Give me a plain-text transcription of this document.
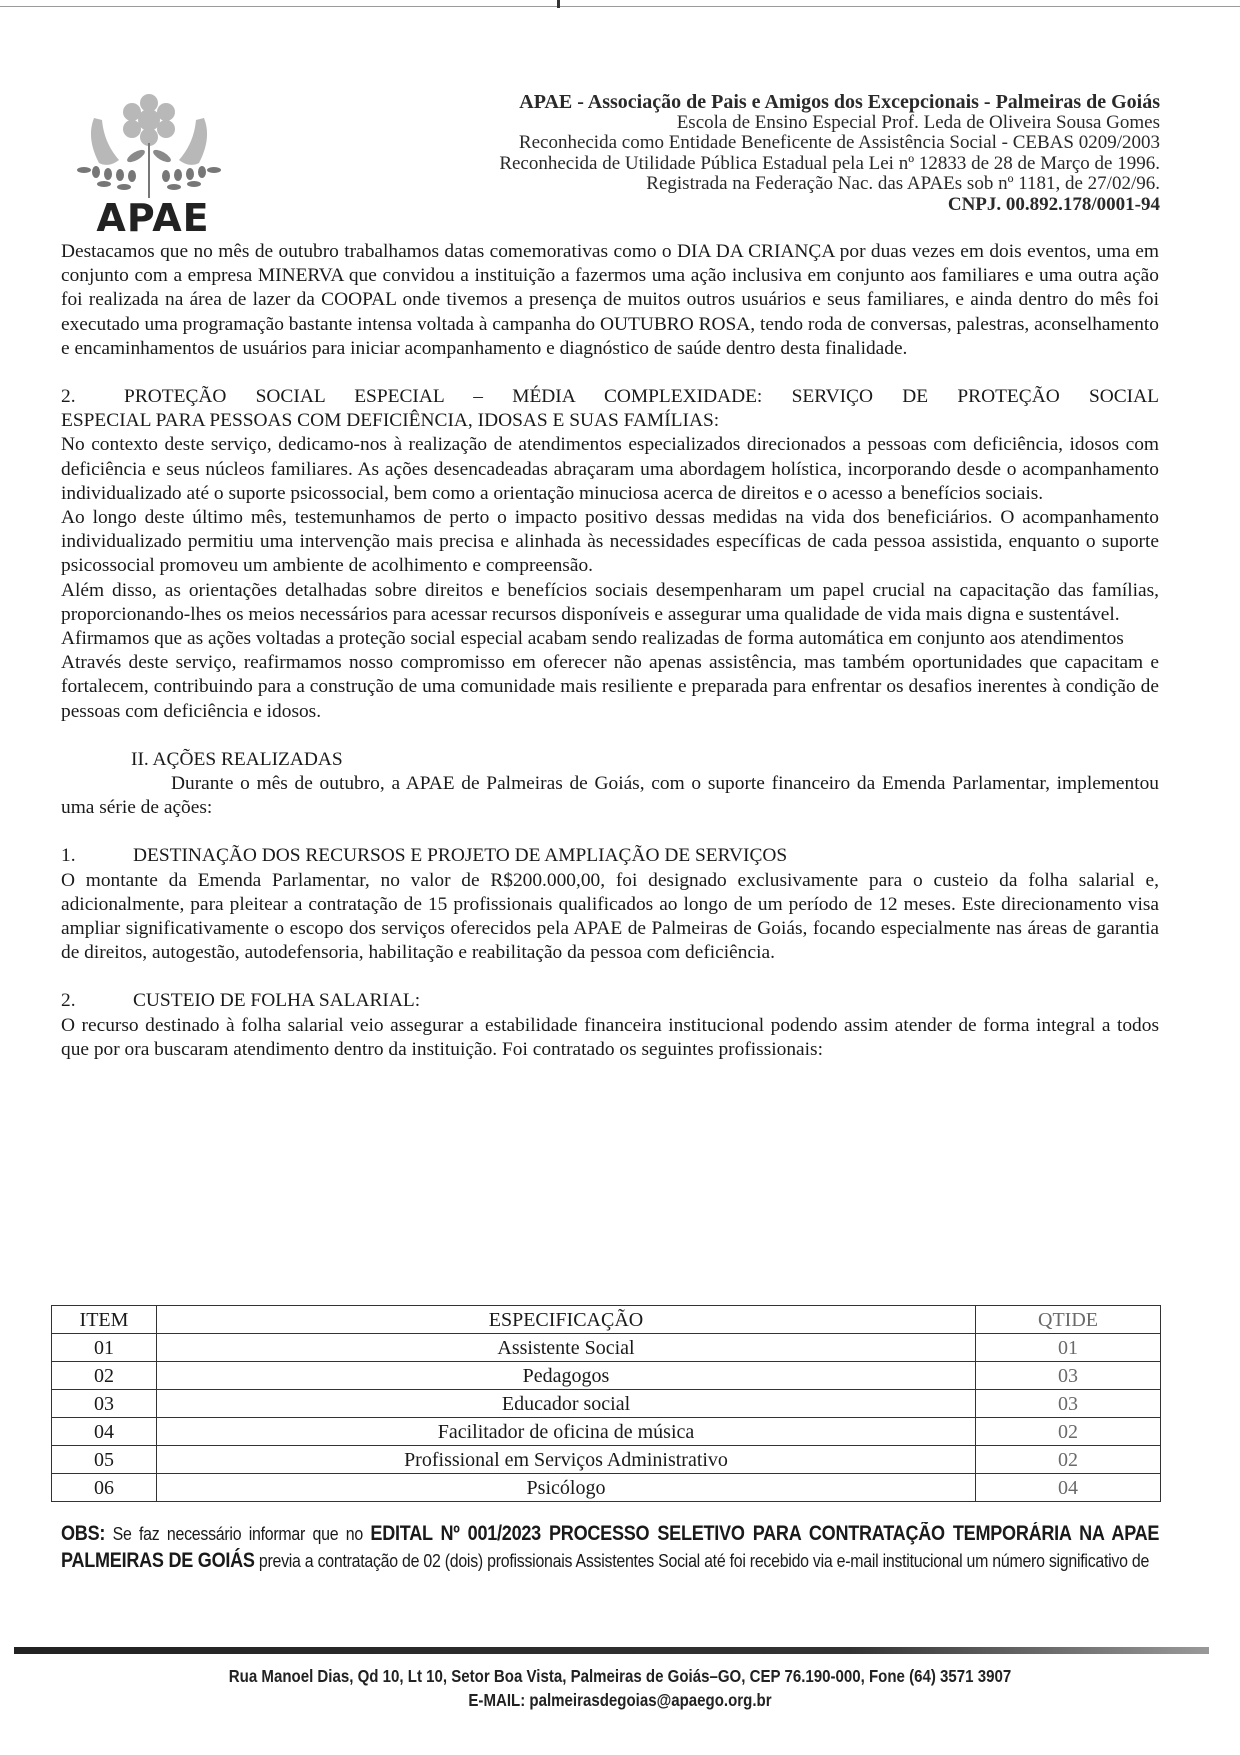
APAE
APAE - Associação de Pais e Amigos dos Excepcionais - Palmeiras de Goiás
Escola de Ensino Especial Prof. Leda de Oliveira Sousa Gomes
Reconhecida como Entidade Beneficente de Assistência Social - CEBAS 0209/2003
Reconhecida de Utilidade Pública Estadual pela Lei nº 12833 de 28 de Março de 1996.
Registrada na Federação Nac. das APAEs sob nº 1181, de 27/02/96.
CNPJ. 00.892.178/0001-94

Destacamos que no mês de outubro trabalhamos datas comemorativas como o DIA DA CRIANÇA por duas vezes em dois eventos, uma em conjunto com a empresa MINERVA que convidou a instituição a fazermos uma ação inclusiva em conjunto aos familiares e uma outra ação foi realizada na área de lazer da COOPAL onde tivemos a presença de muitos outros usuários e seus familiares, e ainda dentro do mês foi executado uma programação bastante intensa voltada à campanha do OUTUBRO ROSA, tendo roda de conversas, palestras, aconselhamento e encaminhamentos de usuários para iniciar acompanhamento e diagnóstico de saúde dentro desta finalidade.

2.    PROTEÇÃO SOCIAL ESPECIAL – MÉDIA COMPLEXIDADE: SERVIÇO DE PROTEÇÃO SOCIAL

ESPECIAL PARA PESSOAS COM DEFICIÊNCIA, IDOSAS E SUAS FAMÍLIAS:

No contexto deste serviço, dedicamo-nos à realização de atendimentos especializados direcionados a pessoas com deficiência, idosos com deficiência e seus núcleos familiares. As ações desencadeadas abraçaram uma abordagem holística, incorporando desde o acompanhamento individualizado até o suporte psicossocial, bem como a orientação minuciosa acerca de direitos e o acesso a benefícios sociais.

Ao longo deste último mês, testemunhamos de perto o impacto positivo dessas medidas na vida dos beneficiários. O acompanhamento individualizado permitiu uma intervenção mais precisa e alinhada às necessidades específicas de cada pessoa assistida, enquanto o suporte psicossocial promoveu um ambiente de acolhimento e compreensão.

Além disso, as orientações detalhadas sobre direitos e benefícios sociais desempenharam um papel crucial na capacitação das famílias, proporcionando-lhes os meios necessários para acessar recursos disponíveis e assegurar uma qualidade de vida mais digna e sustentável.

Afirmamos que as ações voltadas a proteção social especial acabam sendo realizadas de forma automática em conjunto aos atendimentos

Através deste serviço, reafirmamos nosso compromisso em oferecer não apenas assistência, mas também oportunidades que capacitam e fortalecem, contribuindo para a construção de uma comunidade mais resiliente e preparada para enfrentar os desafios inerentes à condição de pessoas com deficiência e idosos.

II. AÇÕES REALIZADAS

Durante o mês de outubro, a APAE de Palmeiras de Goiás, com o suporte financeiro da Emenda Parlamentar, implementou uma série de ações:

1.	DESTINAÇÃO DOS RECURSOS E PROJETO DE AMPLIAÇÃO DE SERVIÇOS

O montante da Emenda Parlamentar, no valor de R$200.000,00, foi designado exclusivamente para o custeio da folha salarial e, adicionalmente, para pleitear a contratação de 15 profissionais qualificados ao longo de um período de 12 meses. Este direcionamento visa ampliar significativamente o escopo dos serviços oferecidos pela APAE de Palmeiras de Goiás, focando especialmente nas áreas de garantia de direitos, autogestão, autodefensoria, habilitação e reabilitação da pessoa com deficiência.

2.	CUSTEIO DE FOLHA SALARIAL:

O recurso destinado à folha salarial veio assegurar a estabilidade financeira institucional podendo assim atender de forma integral a todos que por ora buscaram atendimento dentro da instituição. Foi contratado os seguintes profissionais:

ITEM	ESPECIFICAÇÃO	QTIDE
01	Assistente Social	01
02	Pedagogos	03
03	Educador social	03
04	Facilitador de oficina de música	02
05	Profissional em Serviços Administrativo	02
06	Psicólogo	04

OBS: Se faz necessário informar que no EDITAL Nº 001/2023 PROCESSO SELETIVO PARA CONTRATAÇÃO TEMPORÁRIA NA APAE PALMEIRAS DE GOIÁS previa a contratação de 02 (dois) profissionais Assistentes Social até foi recebido via e-mail institucional um número significativo de

Rua Manoel Dias, Qd 10, Lt 10, Setor Boa Vista, Palmeiras de Goiás–GO, CEP 76.190-000, Fone (64) 3571 3907
E-MAIL: palmeirasdegoias@apaego.org.br
